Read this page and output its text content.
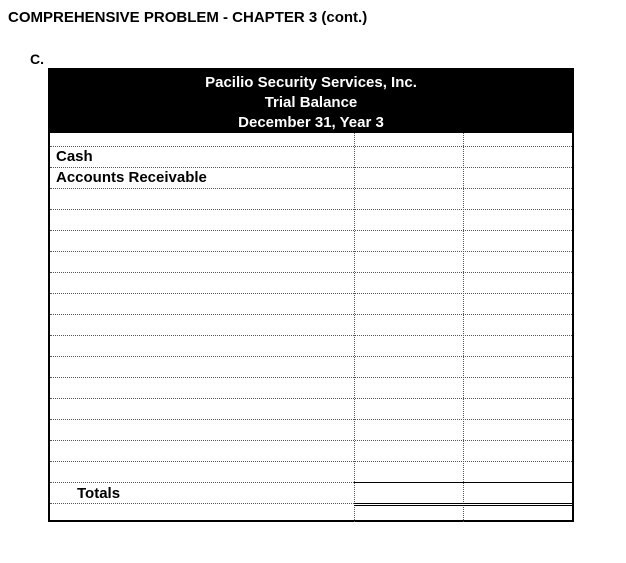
COMPREHENSIVE PROBLEM - CHAPTER 3 (cont.)
C.
Pacilio Security Services, Inc.
Trial Balance
December 31, Year 3
Cash
Accounts Receivable
Totals
